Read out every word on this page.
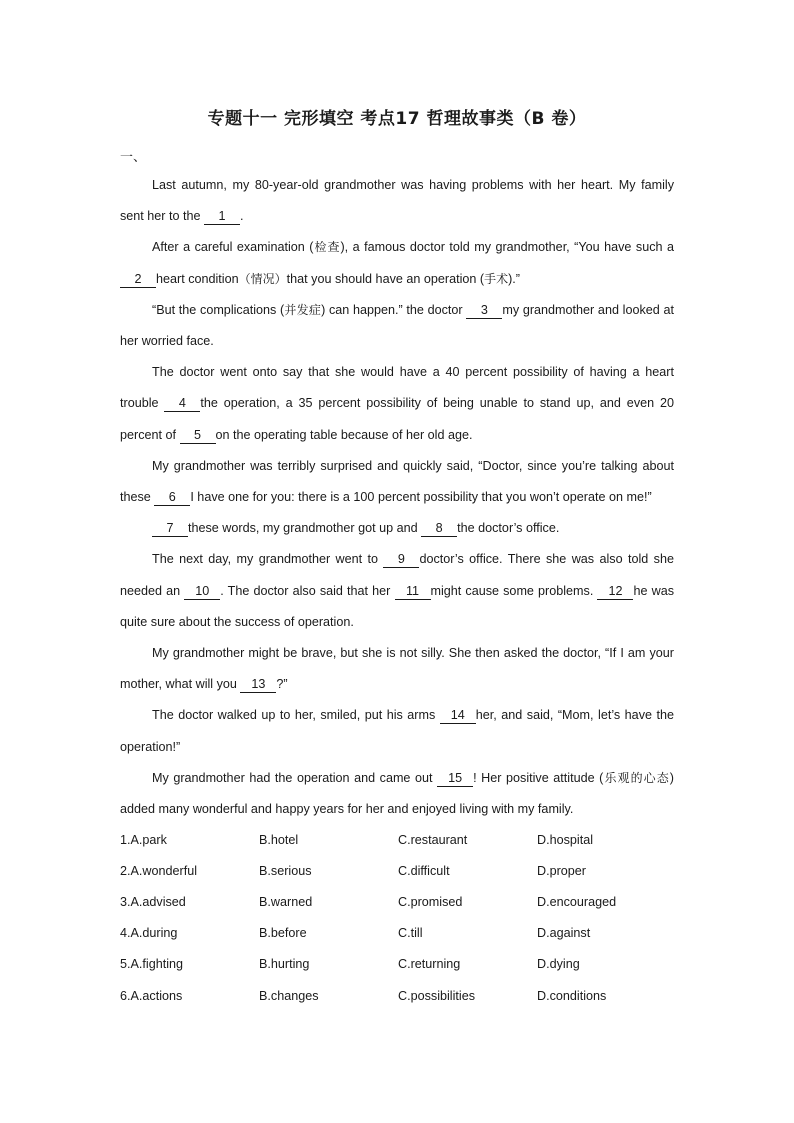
专题十一 完形填空 考点17 哲理故事类（B 卷）
一、

Last autumn, my 80-year-old grandmother was having problems with her heart. My family sent her to the 1 .

After a careful examination (检查), a famous doctor told my grandmother, “You have such a 2 heart condition（情况）that you should have an operation (手术).”

“But the complications (并发症) can happen.” the doctor 3 my grandmother and looked at her worried face.

The doctor went onto say that she would have a 40 percent possibility of having a heart trouble 4 the operation, a 35 percent possibility of being unable to stand up, and even 20 percent of 5 on the operating table because of her old age.

My grandmother was terribly surprised and quickly said, “Doctor, since you’re talking about these 6 I have one for you: there is a 100 percent possibility that you won’t operate on me!”

7 these words, my grandmother got up and 8 the doctor’s office.

The next day, my grandmother went to 9 doctor’s office. There she was also told she needed an 10 . The doctor also said that her 11 might cause some problems. 12 he was quite sure about the success of operation.

My grandmother might be brave, but she is not silly. She then asked the doctor, “If I am your mother, what will you 13 ?”

The doctor walked up to her, smiled, put his arms 14 her, and said, “Mom, let’s have the operation!”

My grandmother had the operation and came out 15 ! Her positive attitude (乐观的心态) added many wonderful and happy years for her and enjoyed living with my family.

1.A.park	B.hotel	C.restaurant	D.hospital
2.A.wonderful	B.serious	C.difficult	D.proper
3.A.advised	B.warned	C.promised	D.encouraged
4.A.during	B.before	C.till	D.against
5.A.fighting	B.hurting	C.returning	D.dying
6.A.actions	B.changes	C.possibilities	D.conditions
